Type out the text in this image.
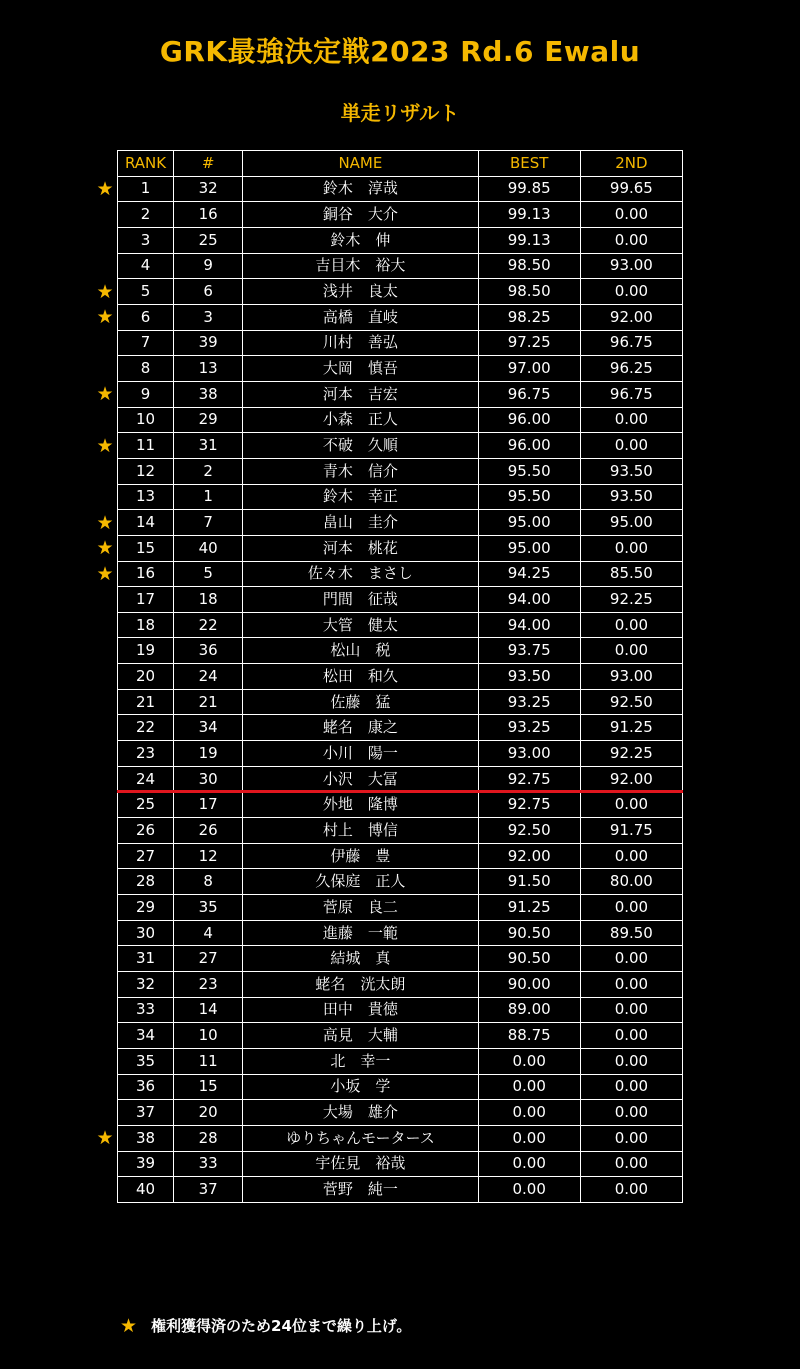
GRK最強決定戦2023 Rd.6 Ewalu
単走リザルト
★
★
★
★
★
★
★
★
★
RANK	#	NAME	BEST	2ND
1	32	鈴木　淳哉	99.85	99.65
2	16	銅谷　大介	99.13	0.00
3	25	鈴木　伸	99.13	0.00
4	9	吉目木　裕大	98.50	93.00
5	6	浅井　良太	98.50	0.00
6	3	高橋　直岐	98.25	92.00
7	39	川村　善弘	97.25	96.75
8	13	大岡　慎吾	97.00	96.25
9	38	河本　吉宏	96.75	96.75
10	29	小森　正人	96.00	0.00
11	31	不破　久順	96.00	0.00
12	2	青木　信介	95.50	93.50
13	1	鈴木　幸正	95.50	93.50
14	7	畠山　圭介	95.00	95.00
15	40	河本　桃花	95.00	0.00
16	5	佐々木　まさし	94.25	85.50
17	18	門間　征哉	94.00	92.25
18	22	大管　健太	94.00	0.00
19	36	松山　税	93.75	0.00
20	24	松田　和久	93.50	93.00
21	21	佐藤　猛	93.25	92.50
22	34	蛯名　康之	93.25	91.25
23	19	小川　陽一	93.00	92.25
24	30	小沢　大冨	92.75	92.00
25	17	外地　隆博	92.75	0.00
26	26	村上　博信	92.50	91.75
27	12	伊藤　豊	92.00	0.00
28	8	久保庭　正人	91.50	80.00
29	35	菅原　良二	91.25	0.00
30	4	進藤　一範	90.50	89.50
31	27	結城　真	90.50	0.00
32	23	蛯名　洸太朗	90.00	0.00
33	14	田中　貴徳	89.00	0.00
34	10	高見　大輔	88.75	0.00
35	11	北　幸一	0.00	0.00
36	15	小坂　学	0.00	0.00
37	20	大場　雄介	0.00	0.00
38	28	ゆりちゃんモータース	0.00	0.00
39	33	宇佐見　裕哉	0.00	0.00
40	37	菅野　純一	0.00	0.00
★ 権利獲得済のため24位まで繰り上げ。
